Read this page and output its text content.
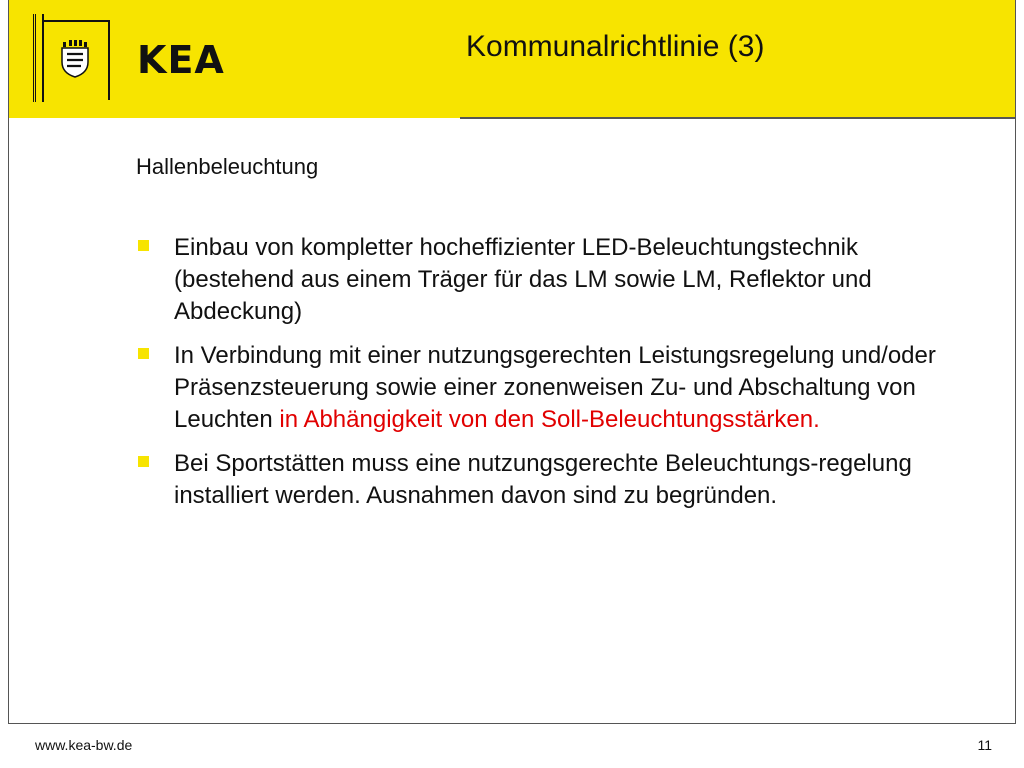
KEA	Kommunalrichtlinie (3)
Hallenbeleuchtung
Einbau von kompletter hocheffizienter LED-Beleuchtungstechnik (bestehend aus einem Träger für das LM sowie LM, Reflektor und Abdeckung)
In Verbindung mit einer nutzungsgerechten Leistungsregelung und/oder Präsenzsteuerung sowie einer zonenweisen Zu- und Abschaltung von Leuchten in Abhängigkeit von den Soll-Beleuchtungsstärken.
Bei Sportstätten muss eine nutzungsgerechte Beleuchtungs-regelung installiert werden. Ausnahmen davon sind zu begründen.
www.kea-bw.de	11
